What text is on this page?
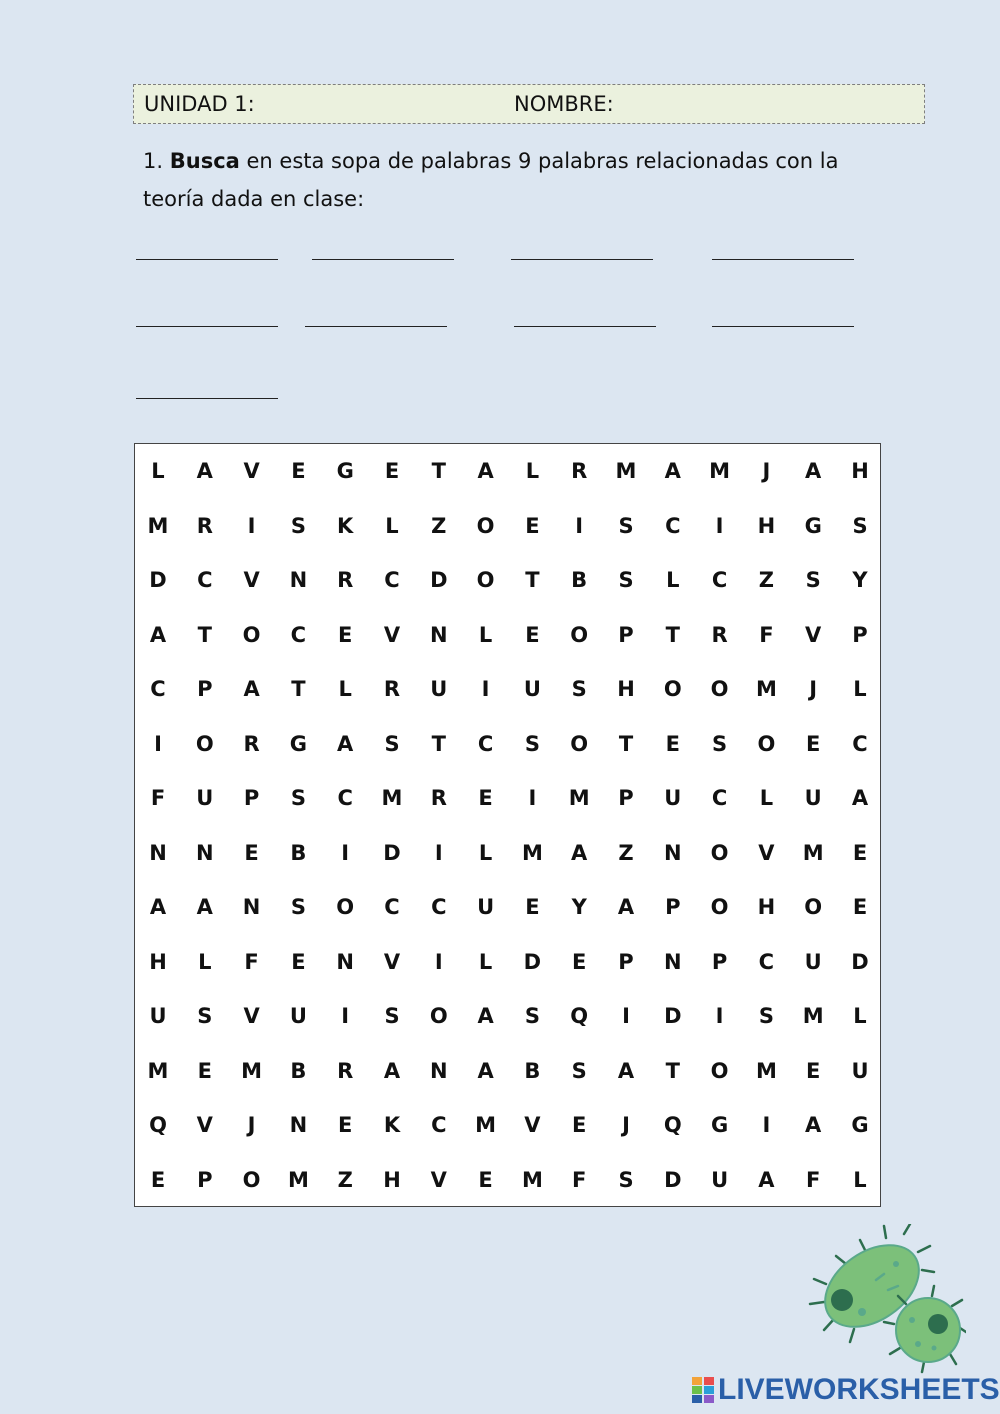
UNIDAD 1:	NOMBRE:
1. Busca en esta sopa de palabras 9 palabras relacionadas con la teoría dada en clase:
L	A	V	E	G	E	T	A	L	R	M	A	M	J	A	H
M	R	I	S	K	L	Z	O	E	I	S	C	I	H	G	S
D	C	V	N	R	C	D	O	T	B	S	L	C	Z	S	Y
A	T	O	C	E	V	N	L	E	O	P	T	R	F	V	P
C	P	A	T	L	R	U	I	U	S	H	O	O	M	J	L
I	O	R	G	A	S	T	C	S	O	T	E	S	O	E	C
F	U	P	S	C	M	R	E	I	M	P	U	C	L	U	A
N	N	E	B	I	D	I	L	M	A	Z	N	O	V	M	E
A	A	N	S	O	C	C	U	E	Y	A	P	O	H	O	E
H	L	F	E	N	V	I	L	D	E	P	N	P	C	U	D
U	S	V	U	I	S	O	A	S	Q	I	D	I	S	M	L
M	E	M	B	R	A	N	A	B	S	A	T	O	M	E	U
Q	V	J	N	E	K	C	M	V	E	J	Q	G	I	A	G
E	P	O	M	Z	H	V	E	M	F	S	D	U	A	F	L
LIVEWORKSHEETS
